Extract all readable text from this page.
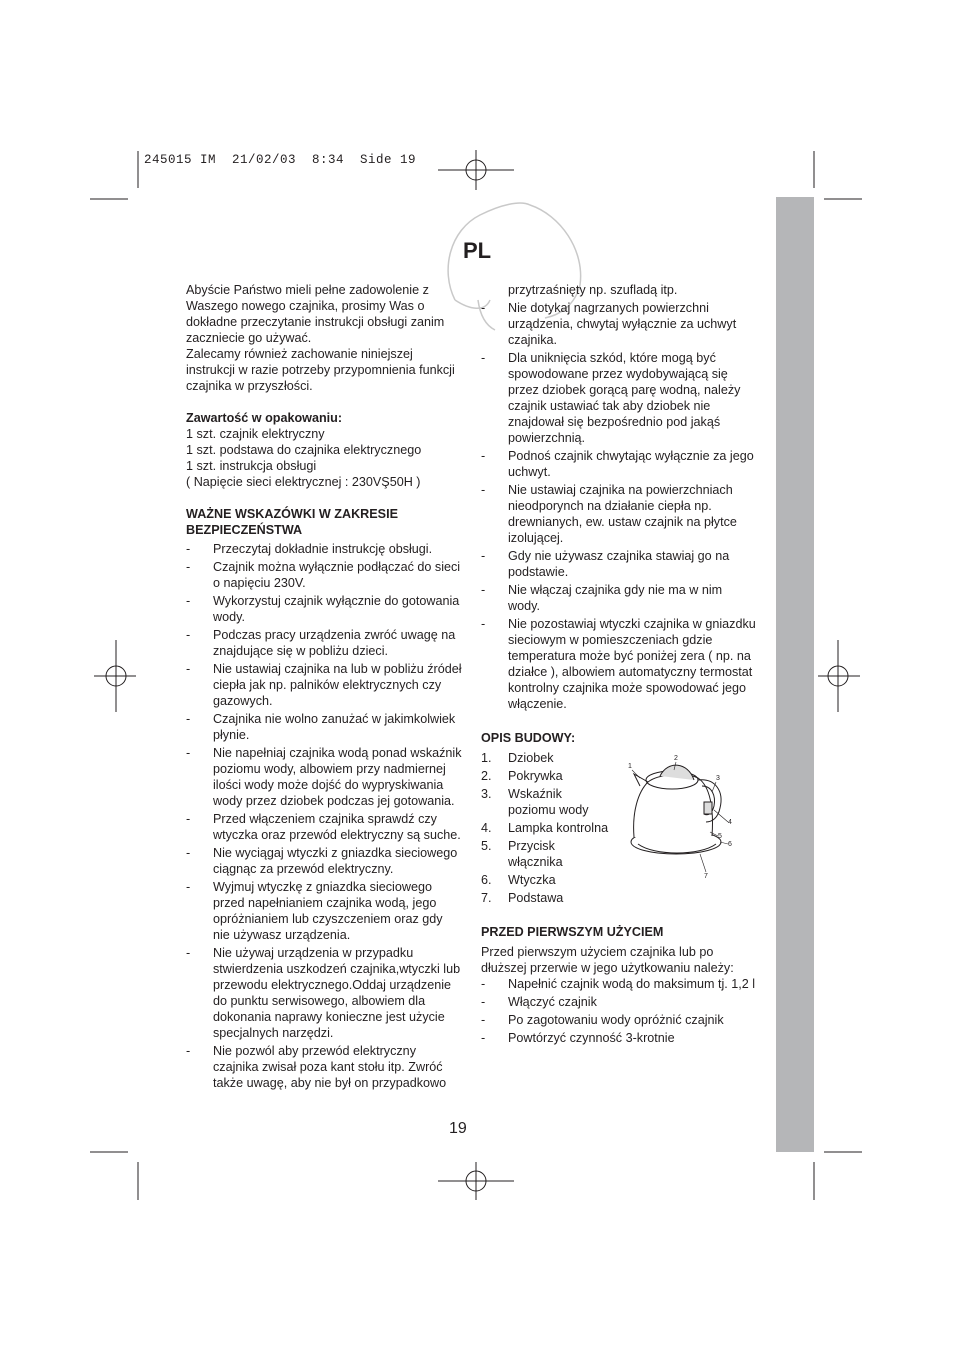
245015 IM  21/02/03  8:34  Side 19
PL

Abyście Państwo mieli pełne zadowolenie z

Waszego nowego czajnika, prosimy Was o

dokładne przeczytanie instrukcji obsługi zanim

zaczniecie go używać.

Zalecamy również zachowanie niniejszej

instrukcji w razie potrzeby przypomnienia funkcji

czajnika w przyszłości.

Zawartość w opakowaniu:

1 szt. czajnik elektryczny

1 szt. podstawa do czajnika elektrycznego

1 szt. instrukcja obsługi

( Napięcie sieci elektrycznej : 230VŞ50H )

WAŻNE WSKAZÓWKI W ZAKRESIE

BEZPIECZEŃSTWA

- Przeczytaj dokładnie instrukcję obsługi.
- Czajnik można wyłącznie podłączać do sieci
o napięciu 230V.
- Wykorzystuj czajnik wyłącznie do gotowania
wody.
- Podczas pracy urządzenia zwróć uwagę na
znajdujące się w pobliżu dzieci.
- Nie ustawiaj czajnika na lub w pobliżu źródeł
ciepła jak np. palników elektrycznych czy
gazowych.
- Czajnika nie wolno zanużać w jakimkolwiek
płynie.
- Nie napełniaj czajnika wodą ponad wskaźnik
poziomu wody, albowiem przy nadmiernej
ilości wody może dojść do wypryskiwania
wody przez dziobek podczas jej gotowania.
- Przed włączeniem czajnika sprawdź czy
wtyczka oraz przewód elektryczny są suche.
- Nie wyciągaj wtyczki z gniazdka sieciowego
ciągnąc za przewód elektryczny.
- Wyjmuj wtyczkę z gniazdka sieciowego
przed napełnianiem czajnika wodą, jego
opróżnianiem lub czyszczeniem oraz gdy
nie używasz urządzenia.
- Nie używaj urządzenia w przypadku
stwierdzenia uszkodzeń czajnika,wtyczki lub
przewodu elektrycznego.Oddaj urządzenie
do punktu serwisowego, albowiem dla
dokonania naprawy konieczne jest użycie
specjalnych narzędzi.
- Nie pozwól aby przewód elektryczny
czajnika zwisał poza kant stołu itp. Zwróć
także uwagę, aby nie był on przypadkowo

przytrzaśnięty np. szufladą itp.

- Nie dotykaj nagrzanych powierzchni
urządzenia, chwytaj wyłącznie za uchwyt
czajnika.
- Dla uniknięcia szkód, które mogą być
spowodowane przez wydobywającą się
przez dziobek gorącą parę wodną, należy
czajnik ustawiać tak aby dziobek nie
znajdował się bezpośrednio pod jakąś
powierzchnią.
- Podnoś czajnik chwytając wyłącznie za jego
uchwyt.
- Nie ustawiaj czajnika na powierzchniach
nieodporynch na działanie ciepła np.
drewnianych, ew. ustaw czajnik na płytce
izolującej.
- Gdy nie używasz czajnika stawiaj go na
podstawie.
- Nie włączaj czajnika gdy nie ma w nim
wody.
- Nie pozostawiaj wtyczki czajnika w gniazdku
sieciowym w pomieszczeniach gdzie
temperatura może być poniżej zera ( np. na
działce ), albowiem automatyczny termostat
kontrolny czajnika może spowodować jego
włączenie.

OPIS BUDOWY:

1. Dziobek
2. Pokrywka
3. Wskaźnik
poziomu wody
4. Lampka kontrolna
5. Przycisk
włącznika
6. Wtyczka
7. Podstawa

PRZED PIERWSZYM UŻYCIEM

Przed pierwszym użyciem czajnika lub po

dłuższej przerwie w jego użytkowaniu należy:

- Napełnić czajnik wodą do maksimum tj. 1,2 l
- Włączyć czajnik
- Po zagotowaniu wody opróżnić czajnik
- Powtórzyć czynność 3-krotnie
1
2
3
4
5
6
7
19
